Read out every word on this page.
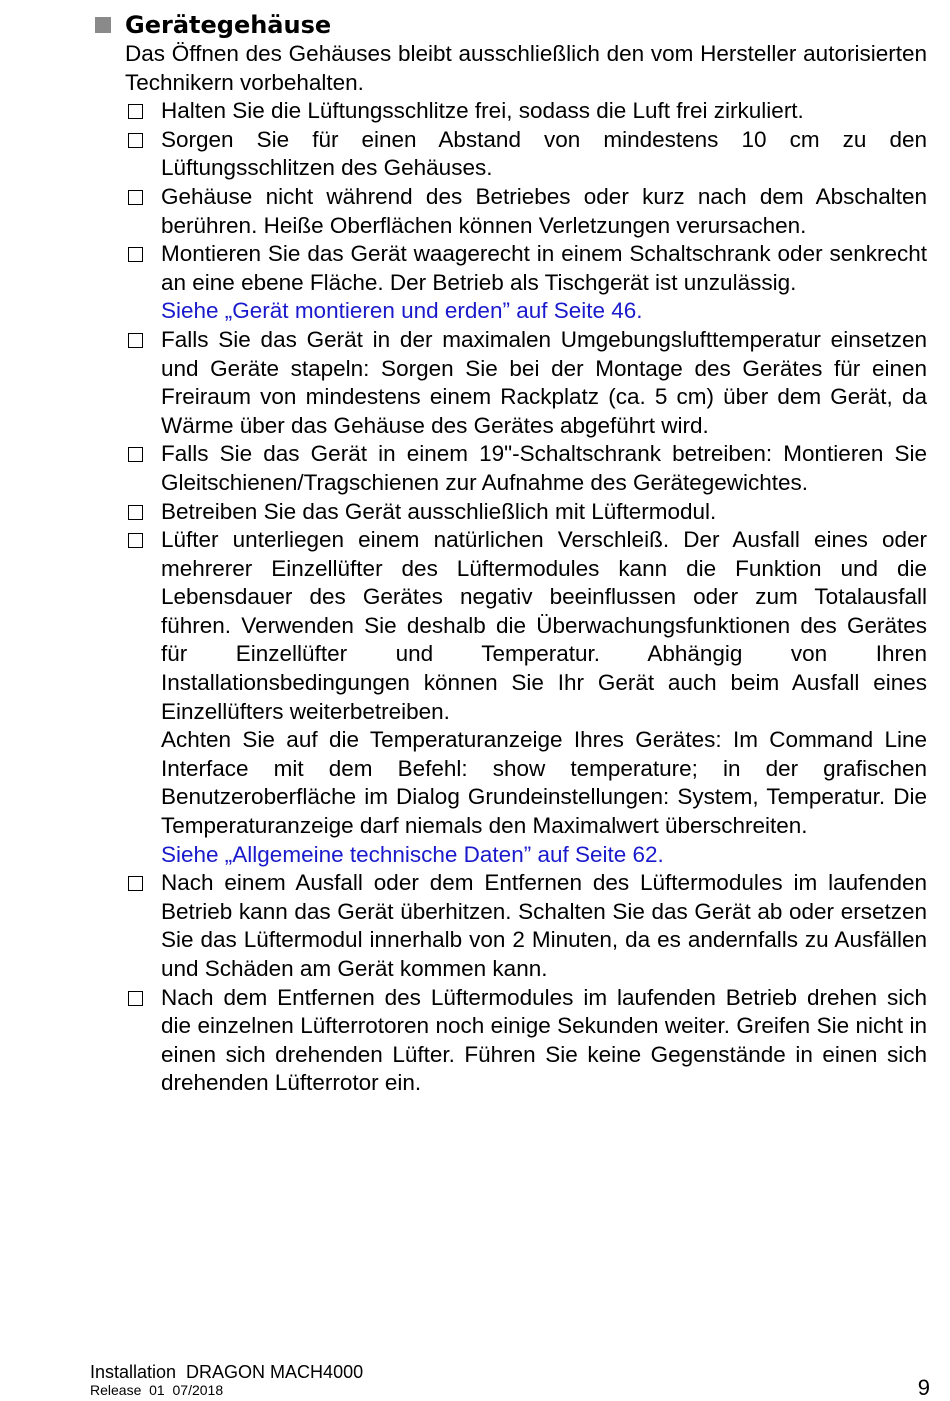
Gerätegehäuse

Das Öffnen des Gehäuses bleibt ausschließlich den vom Hersteller autorisierten Technikern vorbehalten.

Halten Sie die Lüftungsschlitze frei, sodass die Luft frei zirkuliert.

Sorgen Sie für einen Abstand von mindestens 10 cm zu den Lüftungsschlitzen des Gehäuses.

Gehäuse nicht während des Betriebes oder kurz nach dem Abschalten berühren. Heiße Oberflächen können Verletzungen verursachen.

Montieren Sie das Gerät waagerecht in einem Schaltschrank oder senkrecht an eine ebene Fläche. Der Betrieb als Tischgerät ist unzulässig.

Siehe „Gerät montieren und erden” auf Seite 46.

Falls Sie das Gerät in der maximalen Umgebungslufttemperatur einsetzen und Geräte stapeln: Sorgen Sie bei der Montage des Gerätes für einen Freiraum von mindestens einem Rackplatz (ca. 5 cm) über dem Gerät, da Wärme über das Gehäuse des Gerätes abgeführt wird.

Falls Sie das Gerät in einem 19"-Schaltschrank betreiben: Montieren Sie Gleitschienen/Tragschienen zur Aufnahme des Gerätegewichtes.

Betreiben Sie das Gerät ausschließlich mit Lüftermodul.

Lüfter unterliegen einem natürlichen Verschleiß. Der Ausfall eines oder mehrerer Einzellüfter des Lüftermodules kann die Funktion und die Lebensdauer des Gerätes negativ beeinflussen oder zum Totalausfall führen. Verwenden Sie deshalb die Überwachungsfunktionen des Gerätes für Einzellüfter und Temperatur. Abhängig von Ihren Installationsbedingungen können Sie Ihr Gerät auch beim Ausfall eines Einzellüfters weiterbetreiben.

Achten Sie auf die Temperaturanzeige Ihres Gerätes: Im Command Line Interface mit dem Befehl: show temperature; in der grafischen Benutzeroberfläche im Dialog Grundeinstellungen: System, Temperatur. Die Temperaturanzeige darf niemals den Maximalwert überschreiten.

Siehe „Allgemeine technische Daten” auf Seite 62.

Nach einem Ausfall oder dem Entfernen des Lüftermodules im laufenden Betrieb kann das Gerät überhitzen. Schalten Sie das Gerät ab oder ersetzen Sie das Lüftermodul innerhalb von 2 Minuten, da es andernfalls zu Ausfällen und Schäden am Gerät kommen kann.

Nach dem Entfernen des Lüftermodules im laufenden Betrieb drehen sich die einzelnen Lüfterrotoren noch einige Sekunden weiter. Greifen Sie nicht in einen sich drehenden Lüfter. Führen Sie keine Gegenstände in einen sich drehenden Lüfterrotor ein.

Installation  DRAGON MACH4000
Release  01  07/2018	9
